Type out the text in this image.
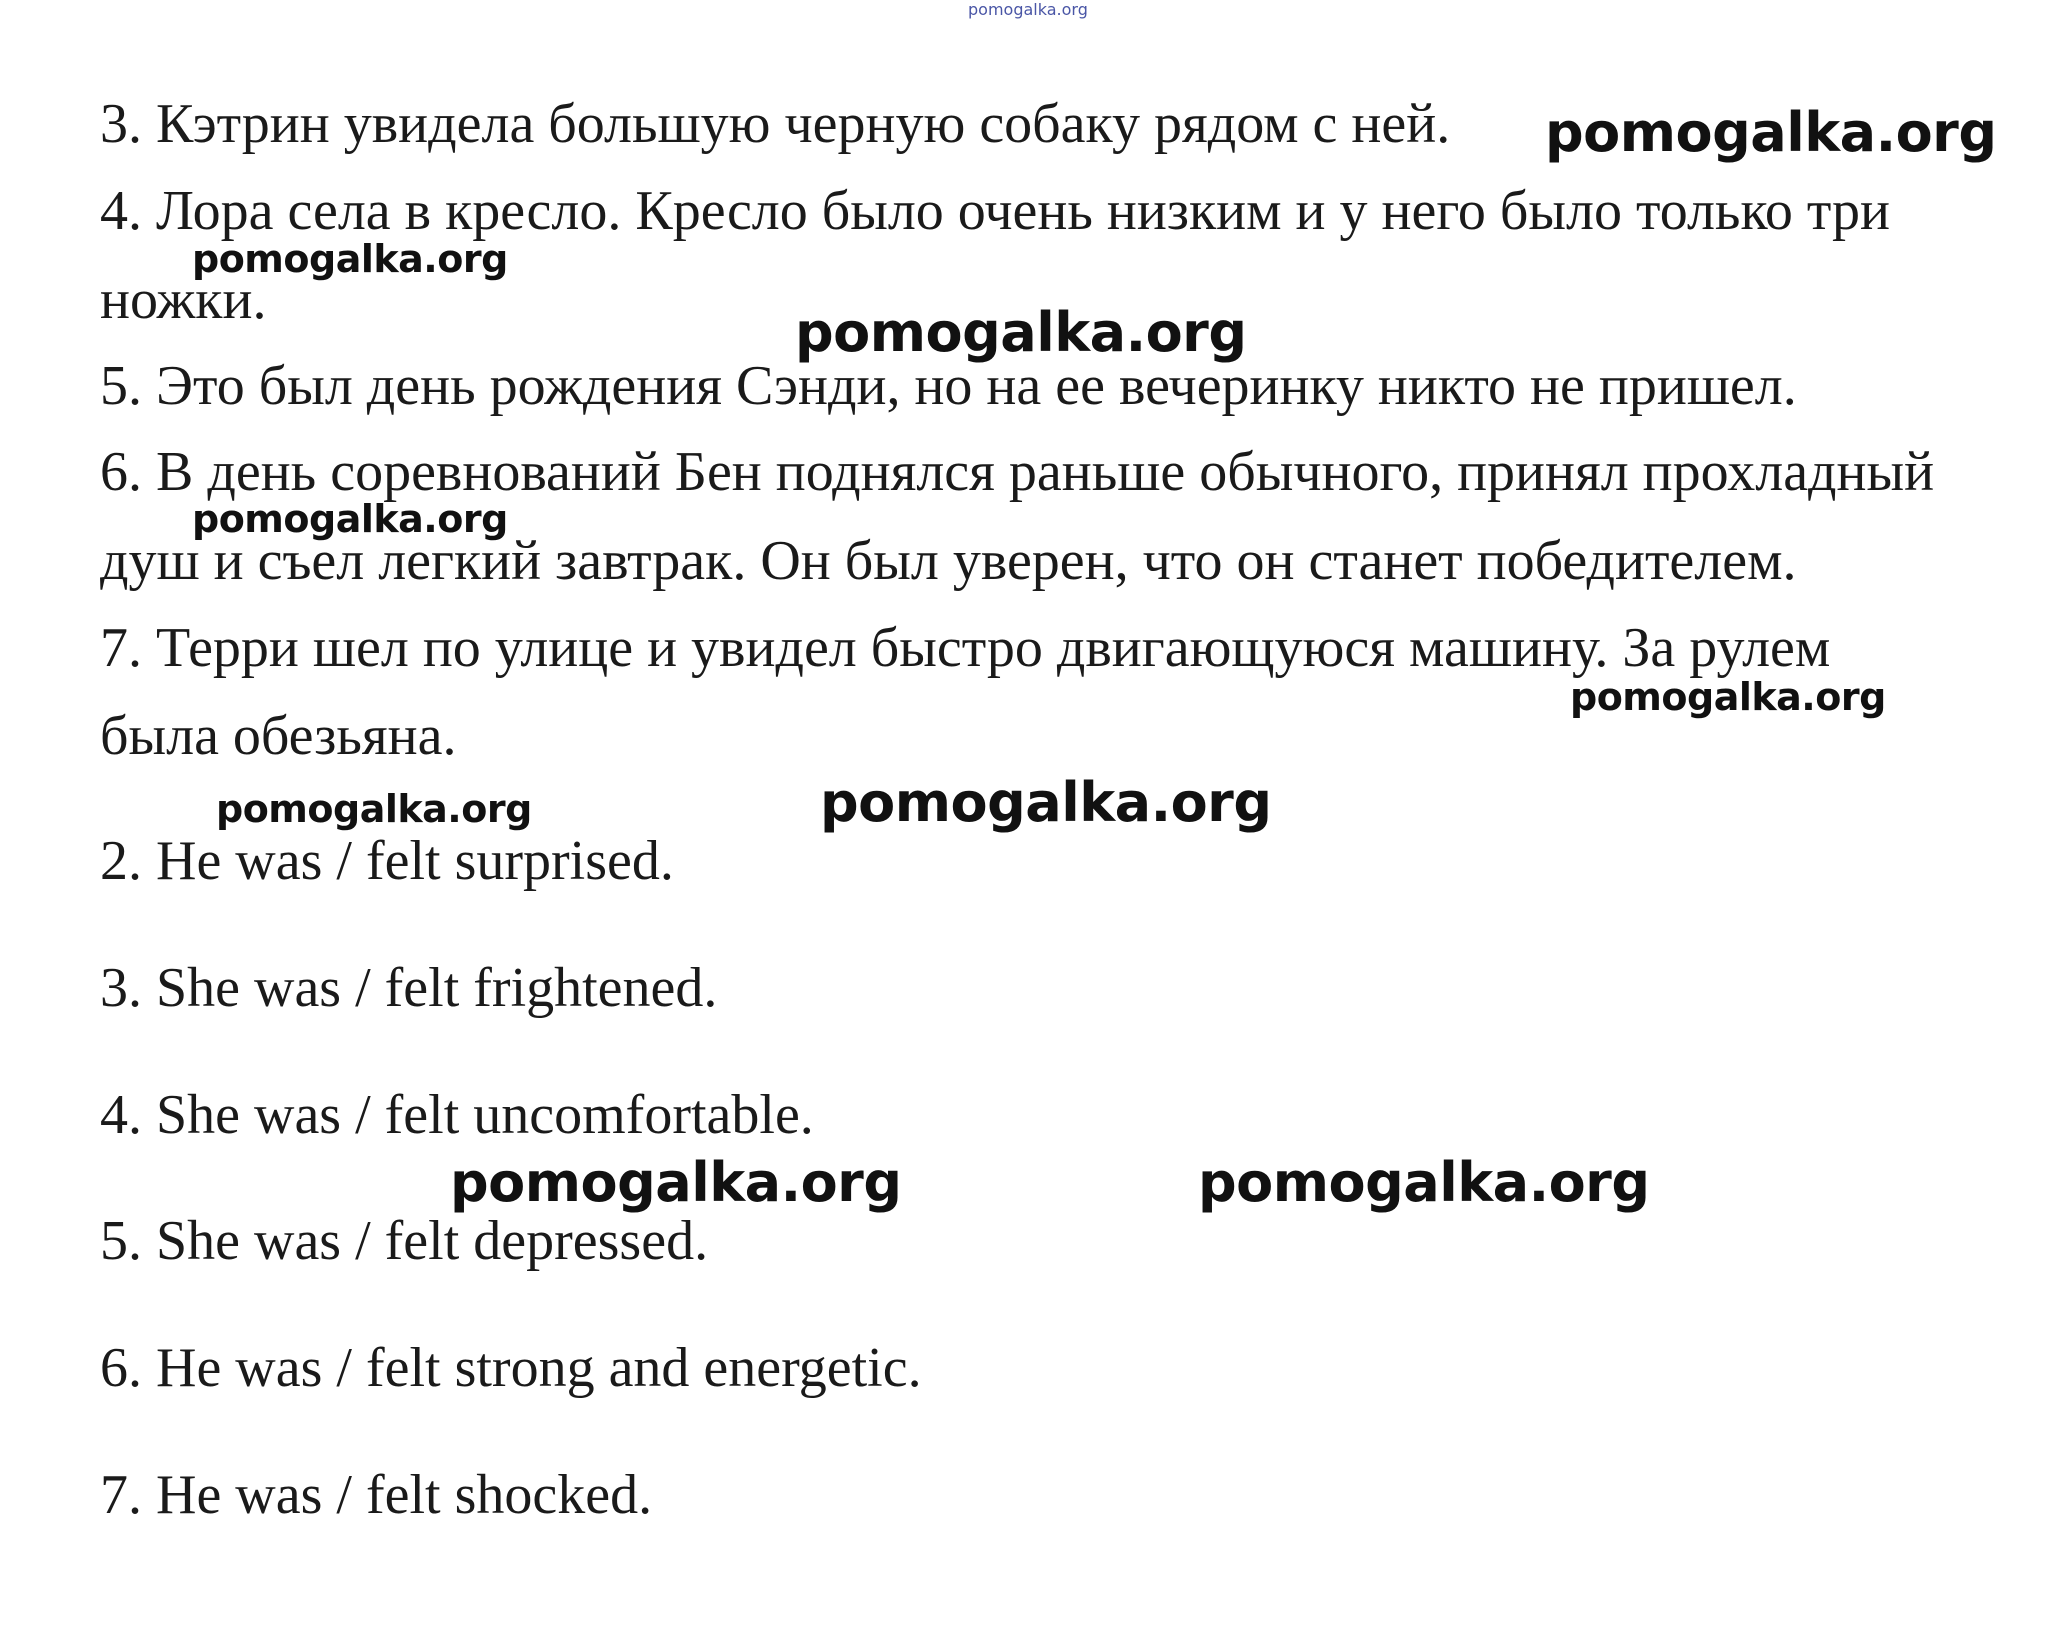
pomogalka.org
3. Кэтрин увидела большую черную собаку рядом с ней.
4. Лора села в кресло. Кресло было очень низким и у него было только три
ножки.
5. Это был день рождения Сэнди, но на ее вечеринку никто не пришел.
6. В день соревнований Бен поднялся раньше обычного, принял прохладный
душ и съел легкий завтрак. Он был уверен, что он станет победителем.
7. Терри шел по улице и увидел быстро двигающуюся машину. За рулем
была обезьяна.
2. He was / felt surprised.
3. She was / felt frightened.
4. She was / felt uncomfortable.
5. She was / felt depressed.
6. He was / felt strong and energetic.
7. He was / felt shocked.
pomogalka.org
pomogalka.org
pomogalka.org
pomogalka.org
pomogalka.org
pomogalka.org	pomogalka.org
pomogalka.org	pomogalka.org
